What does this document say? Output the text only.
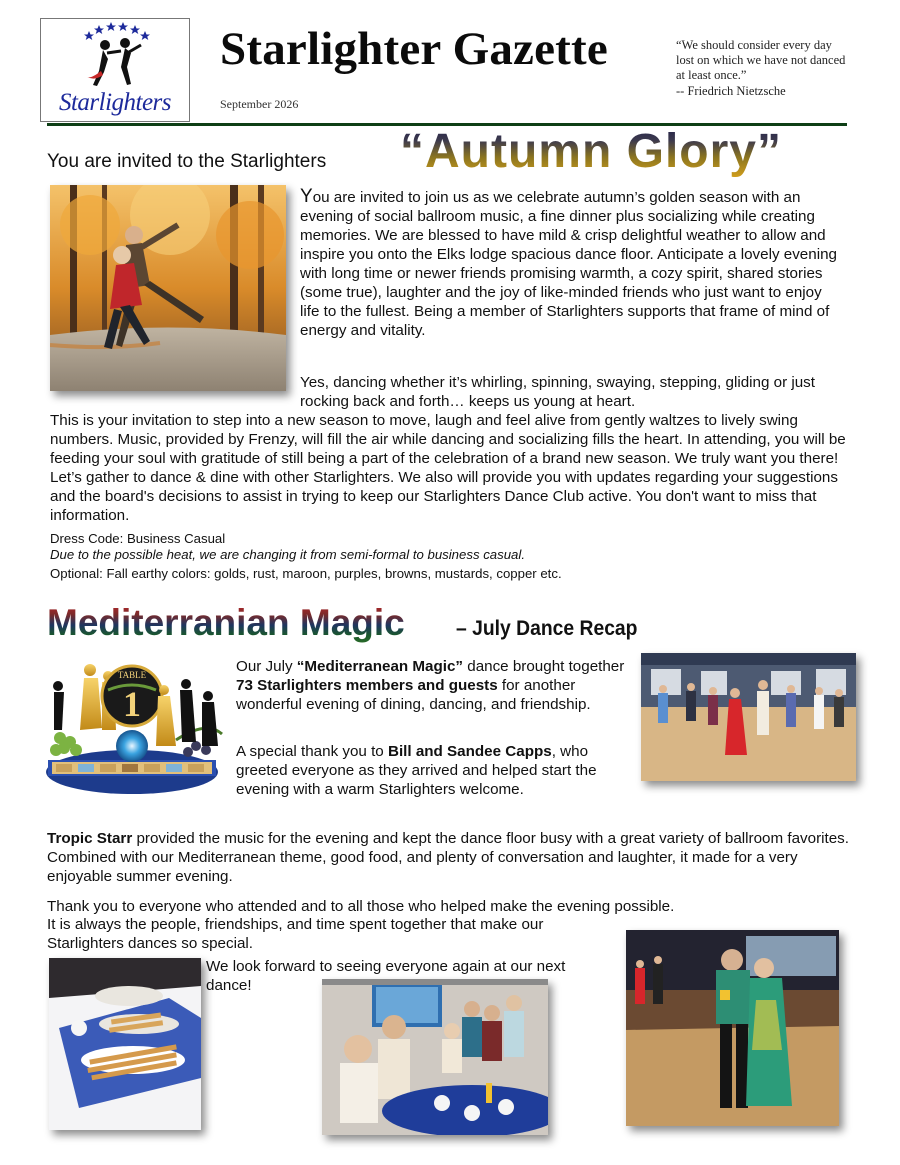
Starlighters
Starlighter Gazette
September 2026
“We should consider every day lost on which we have not danced at least once.”
-- Friedrich Nietzsche
You are invited to the Starlighters “Autumn Glory”
You are invited to join us as we celebrate autumn’s golden season with an evening of social ballroom music, a fine dinner plus socializing while creating memories. We are blessed to have mild & crisp delightful weather to allow and inspire you onto the Elks lodge spacious dance floor. Anticipate a lovely evening with long time or newer friends promising warmth, a cozy spirit, shared stories (some true), laughter and the joy of like-minded friends who just want to enjoy life to the fullest. Being a member of Starlighters supports that frame of mind of energy and vitality.
Yes, dancing whether it’s whirling, spinning, swaying, stepping, gliding or just rocking back and forth… keeps us young at heart.
This is your invitation to step into a new season to move, laugh and feel alive from gently waltzes to lively swing numbers. Music, provided by Frenzy, will fill the air while dancing and socializing fills the heart. In attending, you will be feeding your soul with gratitude of still being a part of the celebration of a brand new season. We truly want you there! Let’s gather to dance & dine with other Starlighters. We also will provide you with updates regarding your suggestions and the board's decisions to assist in trying to keep our Starlighters Dance Club active. You don't want to miss that information.
Dress Code: Business Casual
Due to the possible heat, we are changing it from semi-formal to business casual.
Optional: Fall earthy colors: golds, rust, maroon, purples, browns, mustards, copper etc.
Mediterranian Magic – July Dance Recap
TABLE
1
Our July “Mediterranean Magic” dance brought together 73 Starlighters members and guests for another wonderful evening of dining, dancing, and friendship.
A special thank you to Bill and Sandee Capps, who greeted everyone as they arrived and helped start the evening with a warm Starlighters welcome.
Tropic Starr provided the music for the evening and kept the dance floor busy with a great variety of ballroom favorites. Combined with our Mediterranean theme, good food, and plenty of conversation and laughter, it made for a very enjoyable summer evening.
Thank you to everyone who attended and to all those who helped make the evening possible.
It is always the people, friendships, and time spent together that make our Starlighters dances so special.
We look forward to seeing everyone again at our next dance!
